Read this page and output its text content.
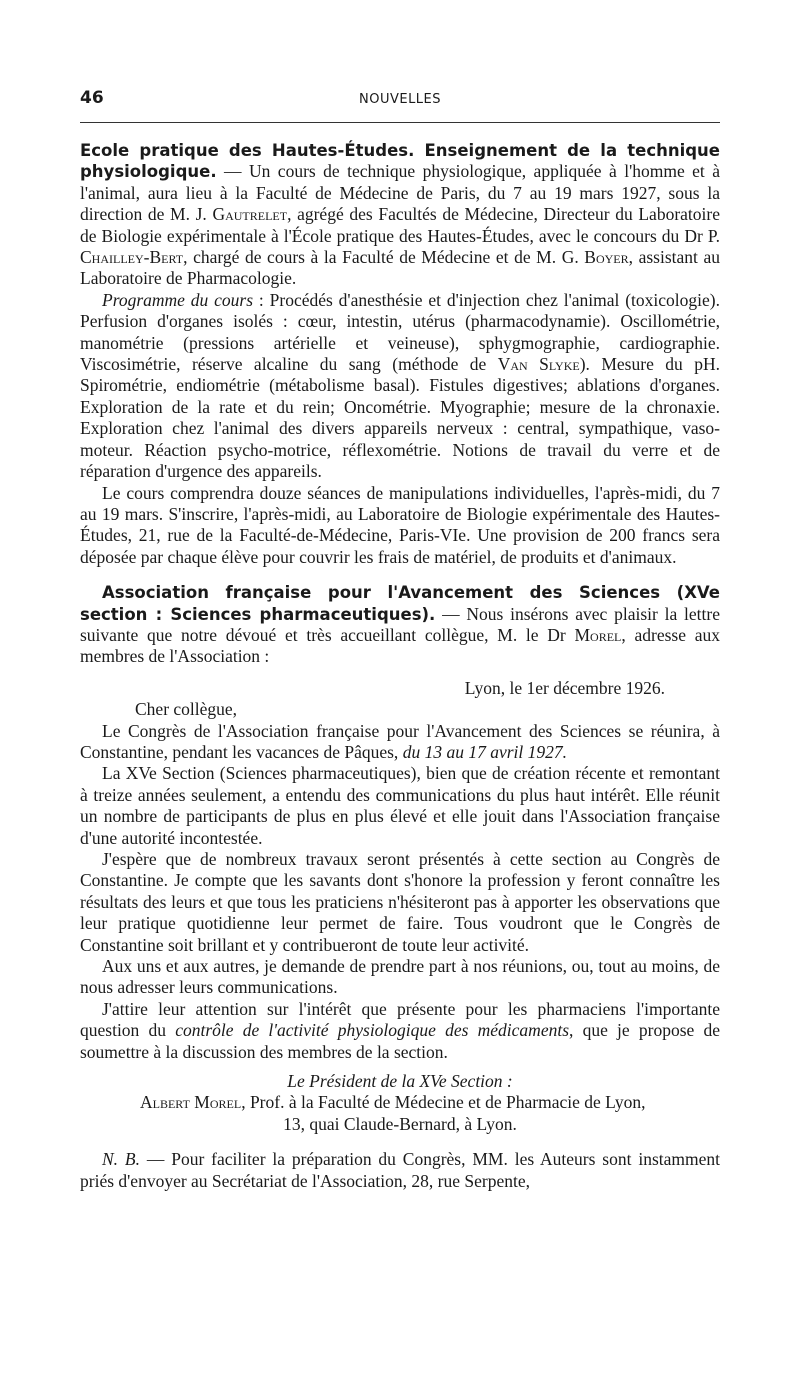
46	NOUVELLES

Ecole pratique des Hautes-Études. Enseignement de la technique physiologique. — Un cours de technique physiologique, appliquée à l'homme et à l'animal, aura lieu à la Faculté de Médecine de Paris, du 7 au 19 mars 1927, sous la direction de M. J. Gautrelet, agrégé des Facultés de Médecine, Directeur du Laboratoire de Biologie expérimentale à l'École pratique des Hautes-Études, avec le concours du Dr P. Chailley-Bert, chargé de cours à la Faculté de Médecine et de M. G. Boyer, assistant au Laboratoire de Pharmacologie.

Programme du cours : Procédés d'anesthésie et d'injection chez l'animal (toxicologie). Perfusion d'organes isolés : cœur, intestin, utérus (pharmacodynamie). Oscillométrie, manométrie (pressions artérielle et veineuse), sphygmographie, cardiographie. Viscosimétrie, réserve alcaline du sang (méthode de Van Slyke). Mesure du pH. Spirométrie, endiométrie (métabolisme basal). Fistules digestives; ablations d'organes. Exploration de la rate et du rein; Oncométrie. Myographie; mesure de la chronaxie. Exploration chez l'animal des divers appareils nerveux : central, sympathique, vaso-moteur. Réaction psycho-motrice, réflexométrie. Notions de travail du verre et de réparation d'urgence des appareils.

Le cours comprendra douze séances de manipulations individuelles, l'après-midi, du 7 au 19 mars. S'inscrire, l'après-midi, au Laboratoire de Biologie expérimentale des Hautes-Études, 21, rue de la Faculté-de-Médecine, Paris-VIe. Une provision de 200 francs sera déposée par chaque élève pour couvrir les frais de matériel, de produits et d'animaux.

Association française pour l'Avancement des Sciences (XVe section : Sciences pharmaceutiques). — Nous insérons avec plaisir la lettre suivante que notre dévoué et très accueillant collègue, M. le Dr Morel, adresse aux membres de l'Association :

Lyon, le 1er décembre 1926.

Cher collègue,

Le Congrès de l'Association française pour l'Avancement des Sciences se réunira, à Constantine, pendant les vacances de Pâques, du 13 au 17 avril 1927.

La XVe Section (Sciences pharmaceutiques), bien que de création récente et remontant à treize années seulement, a entendu des communications du plus haut intérêt. Elle réunit un nombre de participants de plus en plus élevé et elle jouit dans l'Association française d'une autorité incontestée.

J'espère que de nombreux travaux seront présentés à cette section au Congrès de Constantine. Je compte que les savants dont s'honore la profession y feront connaître les résultats des leurs et que tous les praticiens n'hésiteront pas à apporter les observations que leur pratique quotidienne leur permet de faire. Tous voudront que le Congrès de Constantine soit brillant et y contribueront de toute leur activité.

Aux uns et aux autres, je demande de prendre part à nos réunions, ou, tout au moins, de nous adresser leurs communications.

J'attire leur attention sur l'intérêt que présente pour les pharmaciens l'importante question du contrôle de l'activité physiologique des médicaments, que je propose de soumettre à la discussion des membres de la section.

Le Président de la XVe Section :

Albert Morel, Prof. à la Faculté de Médecine et de Pharmacie de Lyon,

13, quai Claude-Bernard, à Lyon.

N. B. — Pour faciliter la préparation du Congrès, MM. les Auteurs sont instamment priés d'envoyer au Secrétariat de l'Association, 28, rue Serpente,
